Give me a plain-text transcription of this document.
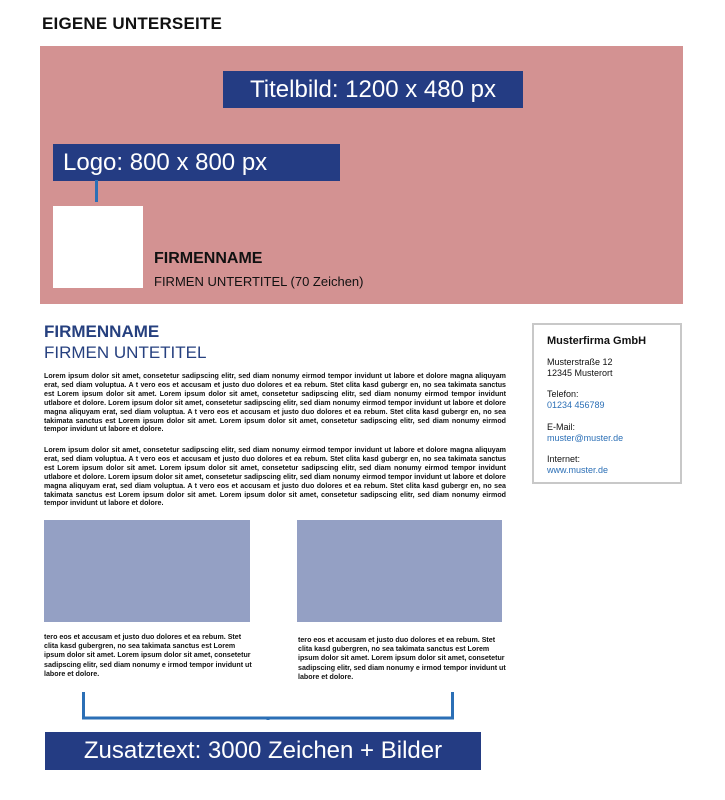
EIGENE UNTERSEITE
Titelbild: 1200 x 480 px
Logo: 800 x 800 px
FIRMENNAME
FIRMEN UNTERTITEL (70 Zeichen)
FIRMENNAME
FIRMEN UNTETITEL
Lorem ipsum dolor sit amet, consetetur sadipscing elitr, sed diam nonumy eirmod tempor invidunt ut labore et dolore magna aliquyam erat, sed diam voluptua. A t vero eos et accusam et justo duo dolores et ea rebum. Stet clita kasd gubergr en, no sea takimata sanctus est Lorem ipsum dolor sit amet. Lorem ipsum dolor sit amet, consetetur sadipscing elitr, sed diam nonumy eirmod tempor invidunt utlabore et dolore. Lorem ipsum dolor sit amet, consetetur sadipscing elitr, sed diam nonumy eirmod tempor invidunt ut labore et dolore magna aliquyam erat, sed diam voluptua. A t vero eos et accusam et justo duo dolores et ea rebum. Stet clita kasd gubergr en, no sea takimata sanctus est Lorem ipsum dolor sit amet. Lorem ipsum dolor sit amet, consetetur sadipscing elitr, sed diam nonumy eirmod tempor invidunt ut labore et dolore.
Lorem ipsum dolor sit amet, consetetur sadipscing elitr, sed diam nonumy eirmod tempor invidunt ut labore et dolore magna aliquyam erat, sed diam voluptua. A t vero eos et accusam et justo duo dolores et ea rebum. Stet clita kasd gubergr en, no sea takimata sanctus est Lorem ipsum dolor sit amet. Lorem ipsum dolor sit amet, consetetur sadipscing elitr, sed diam nonumy eirmod tempor invidunt utlabore et dolore. Lorem ipsum dolor sit amet, consetetur sadipscing elitr, sed diam nonumy eirmod tempor invidunt ut labore et dolore magna aliquyam erat, sed diam voluptua. A t vero eos et accusam et justo duo dolores et ea rebum. Stet clita kasd gubergr en, no sea takimata sanctus est Lorem ipsum dolor sit amet. Lorem ipsum dolor sit amet, consetetur sadipscing elitr, sed diam nonumy eirmod tempor invidunt ut labore et dolore.
tero eos et accusam et justo duo dolores et ea rebum. Stet clita kasd gubergren, no sea takimata sanctus est Lorem ipsum dolor sit amet. Lorem ipsum dolor sit amet, consetetur sadipscing elitr, sed diam nonumy e irmod tempor invidunt ut labore et dolore.
tero eos et accusam et justo duo dolores et ea rebum. Stet clita kasd gubergren, no sea takimata sanctus est Lorem ipsum dolor sit amet. Lorem ipsum dolor sit amet, consetetur sadipscing elitr, sed diam nonumy e irmod tempor invidunt ut labore et dolore.
Musterfirma GmbH
Musterstraße 12
12345 Musterort
Telefon:
01234 456789
E-Mail:
muster@muster.de
Internet:
www.muster.de
Zusatztext: 3000 Zeichen + Bilder
